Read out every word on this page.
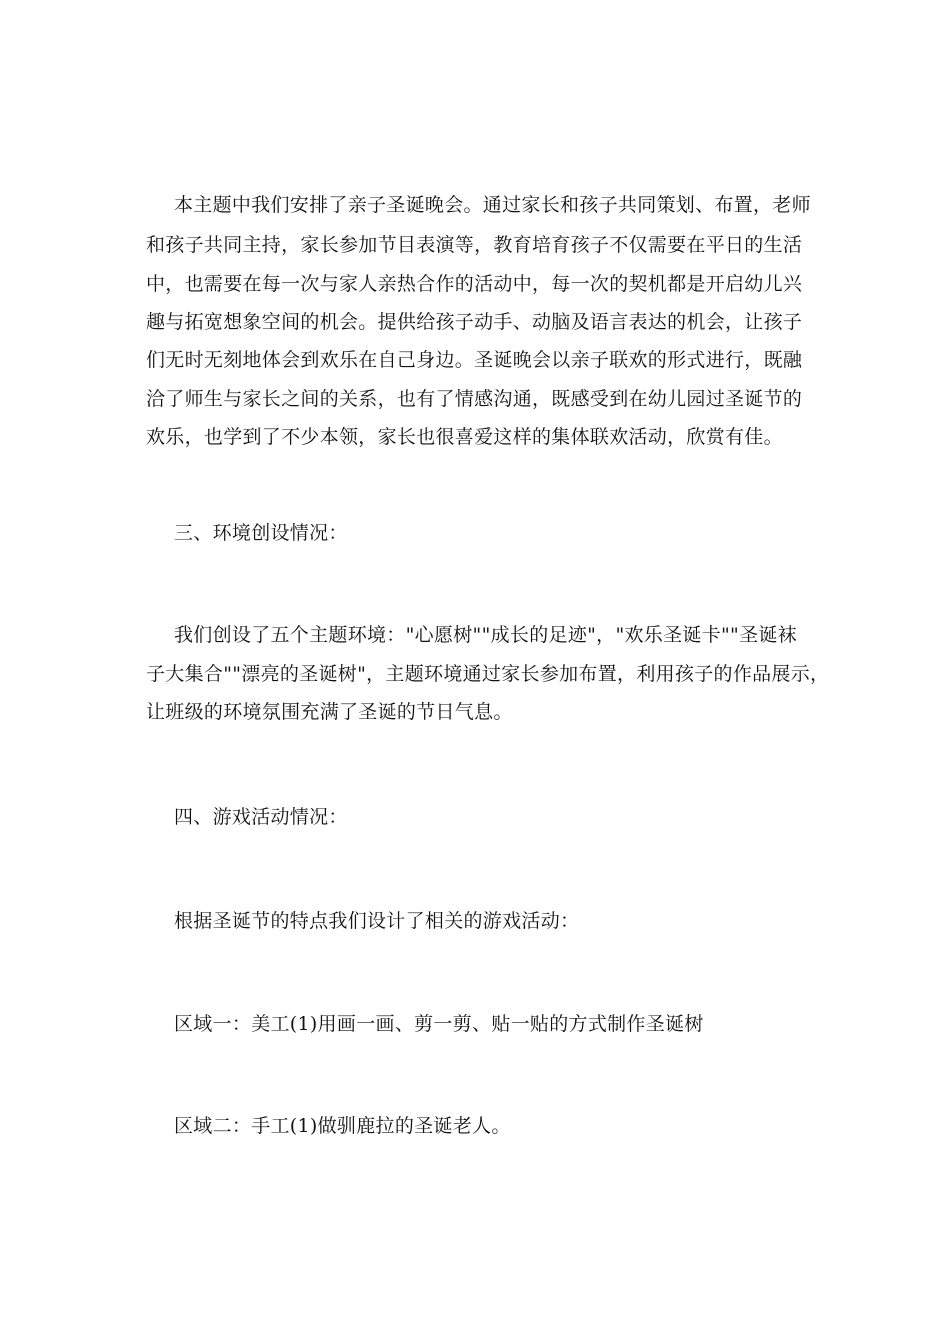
本主题中我们安排了亲子圣诞晚会。通过家长和孩子共同策划、布置，老师
和孩子共同主持，家长参加节目表演等，教育培育孩子不仅需要在平日的生活
中，也需要在每一次与家人亲热合作的活动中，每一次的契机都是开启幼儿兴
趣与拓宽想象空间的机会。提供给孩子动手、动脑及语言表达的机会，让孩子
们无时无刻地体会到欢乐在自己身边。圣诞晚会以亲子联欢的形式进行，既融
洽了师生与家长之间的关系，也有了情感沟通，既感受到在幼儿园过圣诞节的
欢乐，也学到了不少本领，家长也很喜爱这样的集体联欢活动，欣赏有佳。
三、环境创设情况：
我们创设了五个主题环境："心愿树""成长的足迹"，"欢乐圣诞卡""圣诞袜
子大集合""漂亮的圣诞树"，主题环境通过家长参加布置，利用孩子的作品展示，
让班级的环境氛围充满了圣诞的节日气息。
四、游戏活动情况：
根据圣诞节的特点我们设计了相关的游戏活动：
区域一：美工(1)用画一画、剪一剪、贴一贴的方式制作圣诞树
区域二：手工(1)做驯鹿拉的圣诞老人。
